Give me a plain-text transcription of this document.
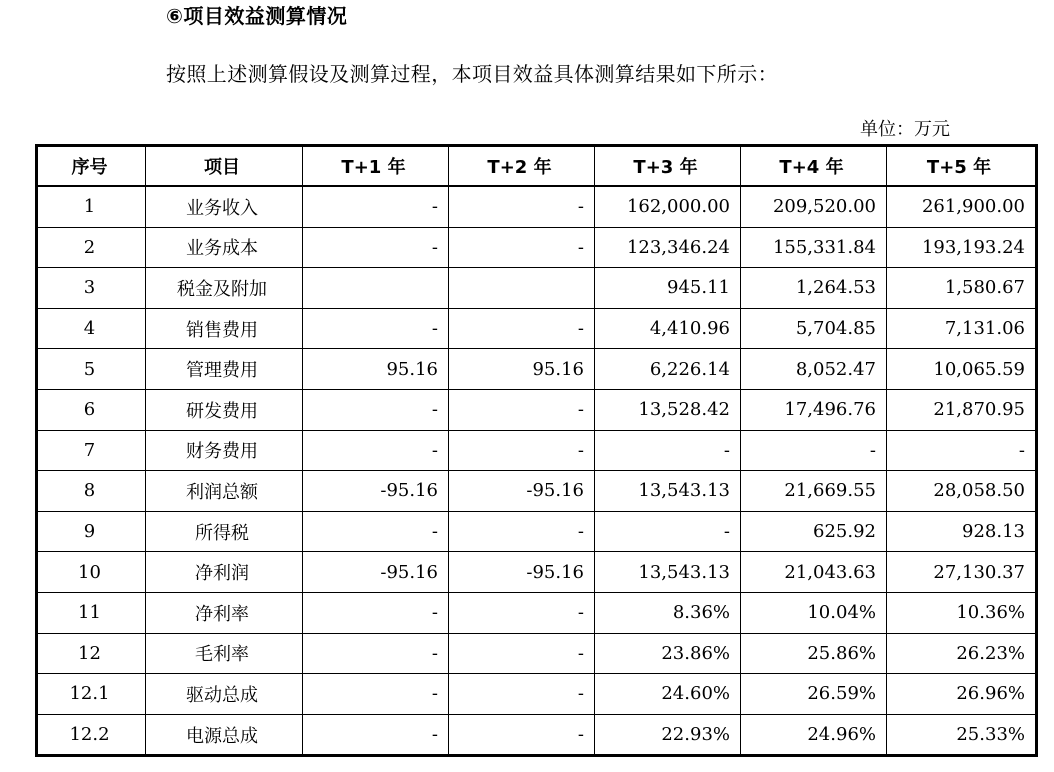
⑥项目效益测算情况
按照上述测算假设及测算过程，本项目效益具体测算结果如下所示：
单位：万元
序号	项目	T+1 年	T+2 年	T+3 年	T+4 年	T+5 年
1	业务收入	-	-	162,000.00	209,520.00	261,900.00
2	业务成本	-	-	123,346.24	155,331.84	193,193.24
3	税金及附加			945.11	1,264.53	1,580.67
4	销售费用	-	-	4,410.96	5,704.85	7,131.06
5	管理费用	95.16	95.16	6,226.14	8,052.47	10,065.59
6	研发费用	-	-	13,528.42	17,496.76	21,870.95
7	财务费用	-	-	-	-	-
8	利润总额	-95.16	-95.16	13,543.13	21,669.55	28,058.50
9	所得税	-	-	-	625.92	928.13
10	净利润	-95.16	-95.16	13,543.13	21,043.63	27,130.37
11	净利率	-	-	8.36%	10.04%	10.36%
12	毛利率	-	-	23.86%	25.86%	26.23%
12.1	驱动总成	-	-	24.60%	26.59%	26.96%
12.2	电源总成	-	-	22.93%	24.96%	25.33%
